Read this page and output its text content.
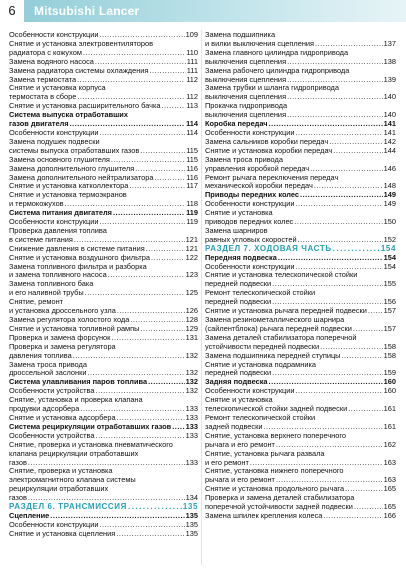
6	Mitsubishi Lancer
Особенности конструкции .....	109
Снятие и установка электровентиляторов
радиатора с кожухом .....	110
Замена водяного насоса .....	111
Замена радиатора системы охлаждения .....	111
Замена термостата .....	112
Снятие и установка корпуса
термостата в сборе .....	112
Снятие и установка расширительного бачка .....	113
Система выпуска отработавших
газов двигателя .....	114
Особенности конструкции .....	114
Замена подушек подвески
системы выпуска отработавших газов .....	115
Замена основного глушителя .....	115
Замена дополнительного глушителя .....	116
Замена дополнительного нейтрализатора .....	116
Снятие и установка катколлектора .....	117
Снятие и установка термоэкранов
и термокожухов .....	118
Система питания двигателя .....	119
Особенности конструкции .....	119
Проверка давления топлива
в системе питания .....	121
Снижение давления в системе питания .....	121
Снятие и установка воздушного фильтра .....	122
Замена топливного фильтра и разборка
и замена топливного насоса .....	123
Замена топливного бака
и его наливной трубы .....	125
Снятие, ремонт
и установка дроссельного узла .....	126
Замена регулятора холостого хода .....	128
Снятие и установка топливной рампы .....	129
Проверка и замена форсунок .....	131
Проверка и замена регулятора
давления топлива .....	132
Замена троса привода
дроссельной заслонки .....	132
Система улавливания паров топлива .....	132
Особенности устройства .....	132
Снятие, установка и проверка клапана
продувки адсорбера .....	133
Снятие и установка адсорбера .....	133
Система рециркуляции отработавших газов ..... 133
Особенности устройства .....	133
Снятие, проверка и установка пневматического
клапана рециркуляции отработавших
газов .....	133
Снятие, проверка и установка
электромагнитного клапана системы
рециркуляции отработавших
газов .....	134
РАЗДЕЛ 6. ТРАНСМИССИЯ .....	135
Сцепление .....	135
Особенности конструкции .....	135
Снятие и установка сцепления .....	135
Замена подшипника
и вилки выключения сцепления .....	137
Замена главного цилиндра гидропривода
выключения сцепления .....	138
Замена рабочего цилиндра гидропривода
выключения сцепления .....	139
Замена трубки и шланга гидропривода
выключения сцепления .....	140
Прокачка гидропривода
выключения сцепления .....	140
Коробка передач .....	141
Особенности конструкции .....	141
Замена сальников коробки передач .....	142
Снятие и установка коробки передач .....	144
Замена троса привода
управления коробкой передач .....	146
Ремонт рычага переключения передач
механической коробки передач .....	148
Приводы передних колес .....	149
Особенности конструкции .....	149
Снятие и установка
приводов передних колес .....	150
Замена шарниров
равных угловых скоростей .....	152
РАЗДЕЛ 7. ХОДОВАЯ ЧАСТЬ .....	154
Передняя подвеска .....	154
Особенности конструкции .....	154
Снятие и установка телескопической стойки
передней подвески .....	155
Ремонт телескопической стойки
передней подвески .....	156
Снятие и установка рычага передней подвески ..... 157
Замена резинометаллического шарнира
(сайлентблока) рычага передней подвески .....	157
Замена деталей стабилизатора поперечной
устойчивости передней подвески .....	158
Замена подшипника передней ступицы .....	158
Снятие и установка подрамника
передней подвески .....	159
Задняя подвеска .....	160
Особенности конструкции .....	160
Снятие и установка
телескопической стойки задней подвески .....	161
Ремонт телескопической стойки
задней подвески .....	161
Снятие, установка верхнего поперечного
рычага и его ремонт .....	162
Снятие, установка рычага развала
и его ремонт .....	163
Снятие, установка нижнего поперечного
рычага и его ремонт .....	163
Снятие и установка продольного рычага .....	165
Проверка и замена деталей стабилизатора
поперечной устойчивости задней подвески .....	165
Замена шпилек крепления колеса .....	166
